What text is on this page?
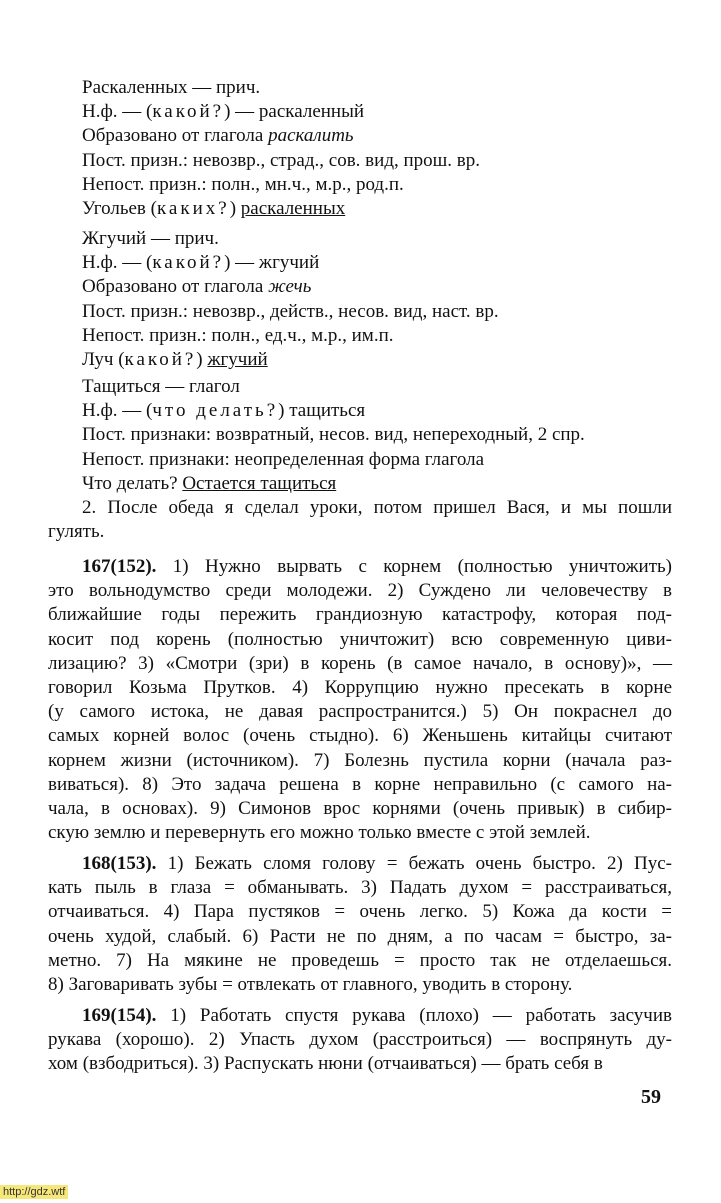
Раскаленных — прич.
Н.ф. — (какой?) — раскаленный
Образовано от глагола раскалить
Пост. призн.: невозвр., страд., сов. вид, прош. вр.
Непост. призн.: полн., мн.ч., м.р., род.п.
Угольев (каких?) раскаленных
Жгучий — прич.
Н.ф. — (какой?) — жгучий
Образовано от глагола жечь
Пост. призн.: невозвр., действ., несов. вид, наст. вр.
Непост. призн.: полн., ед.ч., м.р., им.п.
Луч (какой?) жгучий
Тащиться — глагол
Н.ф. — (что делать?) тащиться
Пост. признаки: возвратный, несов. вид, непереходный, 2 спр.
Непост. признаки: неопределенная форма глагола
Что делать? Остается тащиться
2. После обеда я сделал уроки, потом пришел Вася, и мы пошли
гулять.
167(152). 1) Нужно вырвать с корнем (полностью уничтожить)
это вольнодумство среди молодежи. 2) Суждено ли человечеству в
ближайшие годы пережить грандиозную катастрофу, которая под-
косит под корень (полностью уничтожит) всю современную циви-
лизацию? 3) «Смотри (зри) в корень (в самое начало, в основу)», —
говорил Козьма Прутков. 4) Коррупцию нужно пресекать в корне
(у самого истока, не давая распространится.) 5) Он покраснел до
самых корней волос (очень стыдно). 6) Женьшень китайцы считают
корнем жизни (источником). 7) Болезнь пустила корни (начала раз-
виваться). 8) Это задача решена в корне неправильно (с самого на-
чала, в основах). 9) Симонов врос корнями (очень привык) в сибир-
скую землю и перевернуть его можно только вместе с этой землей.
168(153). 1) Бежать сломя голову = бежать очень быстро. 2) Пус-
кать пыль в глаза = обманывать. 3) Падать духом = расстраиваться,
отчаиваться. 4) Пара пустяков = очень легко. 5) Кожа да кости =
очень худой, слабый. 6) Расти не по дням, а по часам = быстро, за-
метно. 7) На мякине не проведешь = просто так не отделаешься.
8) Заговаривать зубы = отвлекать от главного, уводить в сторону.
169(154). 1) Работать спустя рукава (плохо) — работать засучив
рукава (хорошо). 2) Упасть духом (расстроиться) — воспрянуть ду-
хом (взбодриться). 3) Распускать нюни (отчаиваться) — брать себя в
59
http://gdz.wtf
